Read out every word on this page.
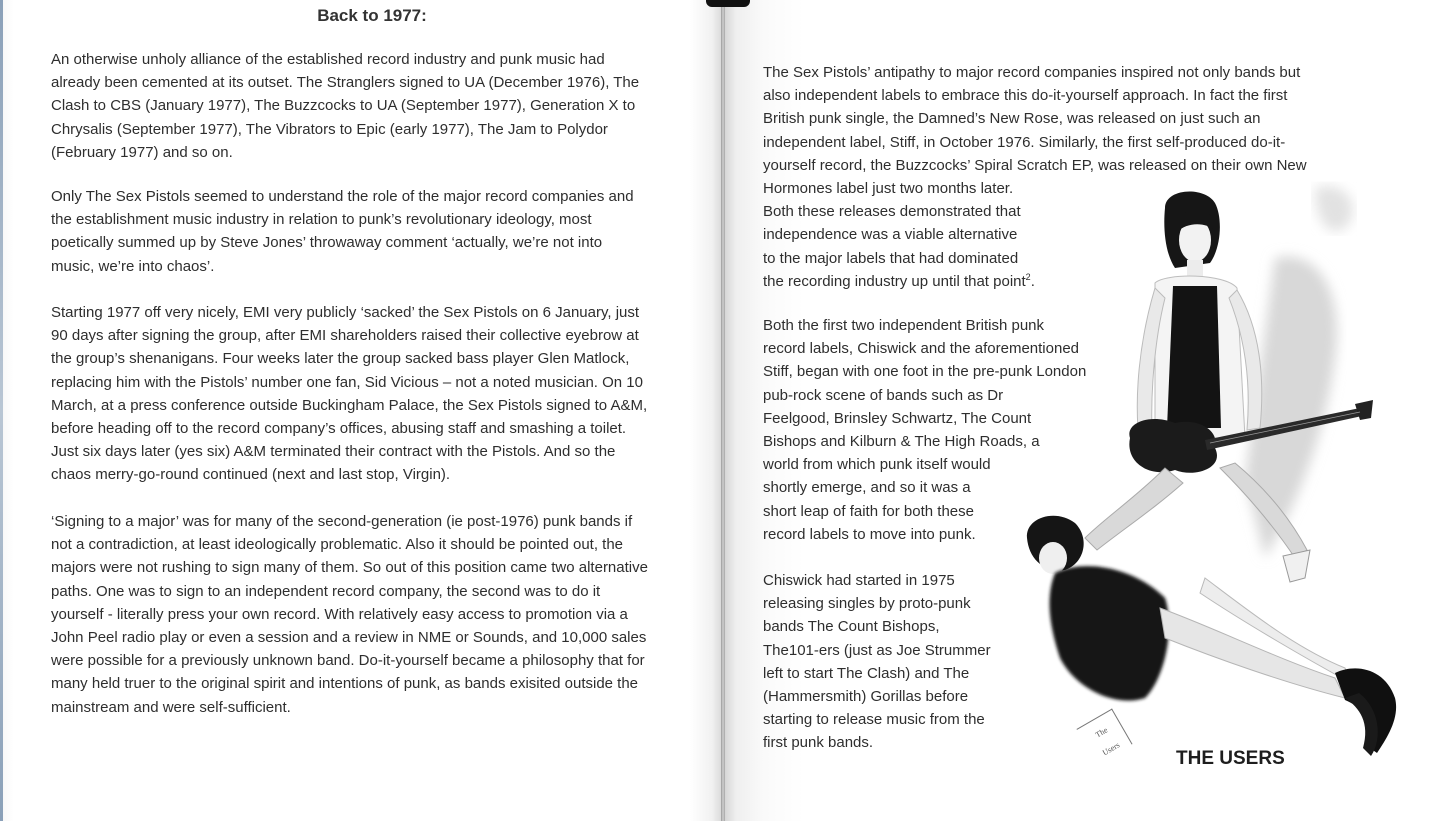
Back to 1977:

An otherwise unholy alliance of the established record industry and punk music had
already been cemented at its outset. The Stranglers signed to UA (December 1976), The
Clash to CBS (January 1977), The Buzzcocks to UA (September 1977), Generation X to
Chrysalis (September 1977), The Vibrators to Epic (early 1977), The Jam to Polydor
(February 1977) and so on.

Only The Sex Pistols seemed to understand the role of the major record companies and
the establishment music industry in relation to punk’s revolutionary ideology, most
poetically summed up by Steve Jones’ throwaway comment ‘actually, we’re not into
music, we’re into chaos’.

Starting 1977 off very nicely, EMI very publicly ‘sacked’ the Sex Pistols on 6 January, just
90 days after signing the group, after EMI shareholders raised their collective eyebrow at
the group’s shenanigans. Four weeks later the group sacked bass player Glen Matlock,
replacing him with the Pistols’ number one fan, Sid Vicious – not a noted musician. On 10
March, at a press conference outside Buckingham Palace, the Sex Pistols signed to A&M,
before heading off to the record company’s offices, abusing staff and smashing a toilet.
Just six days later (yes six) A&M terminated their contract with the Pistols. And so the
chaos merry-go-round continued (next and last stop, Virgin).

‘Signing to a major’ was for many of the second-generation (ie post-1976) punk bands if
not a contradiction, at least ideologically problematic. Also it should be pointed out, the
majors were not rushing to sign many of them. So out of this position came two alternative
paths. One was to sign to an independent record company, the second was to do it
yourself - literally press your own record. With relatively easy access to promotion via a
John Peel radio play or even a session and a review in NME or Sounds, and 10,000 sales
were possible for a previously unknown band. Do-it-yourself became a philosophy that for
many held truer to the original spirit and intentions of punk, as bands exisited outside the
mainstream and were self-sufficient.

The
Users	THE USERS

The Sex Pistols’ antipathy to major record companies inspired not only bands but
also independent labels to embrace this do-it-yourself approach. In fact the first
British punk single, the Damned’s New Rose, was released on just such an
independent label, Stiff, in October 1976. Similarly, the first self-produced do-it-
yourself record, the Buzzcocks’ Spiral Scratch EP, was released on their own New
Hormones label just two months later.
Both these releases demonstrated that
independence was a viable alternative
to the major labels that had dominated
the recording industry up until that point$^2$.

Both the first two independent British punk
record labels, Chiswick and the aforementioned
Stiff, began with one foot in the pre-punk London
pub-rock scene of bands such as Dr
Feelgood, Brinsley Schwartz, The Count
Bishops and Kilburn & The High Roads, a
world from which punk itself would
shortly emerge, and so it was a
short leap of faith for both these
record labels to move into punk.

Chiswick had started in 1975
releasing singles by proto-punk
bands The Count Bishops,
The101-ers (just as Joe Strummer
left to start The Clash) and The
(Hammersmith) Gorillas before
starting to release music from the
first punk bands.
